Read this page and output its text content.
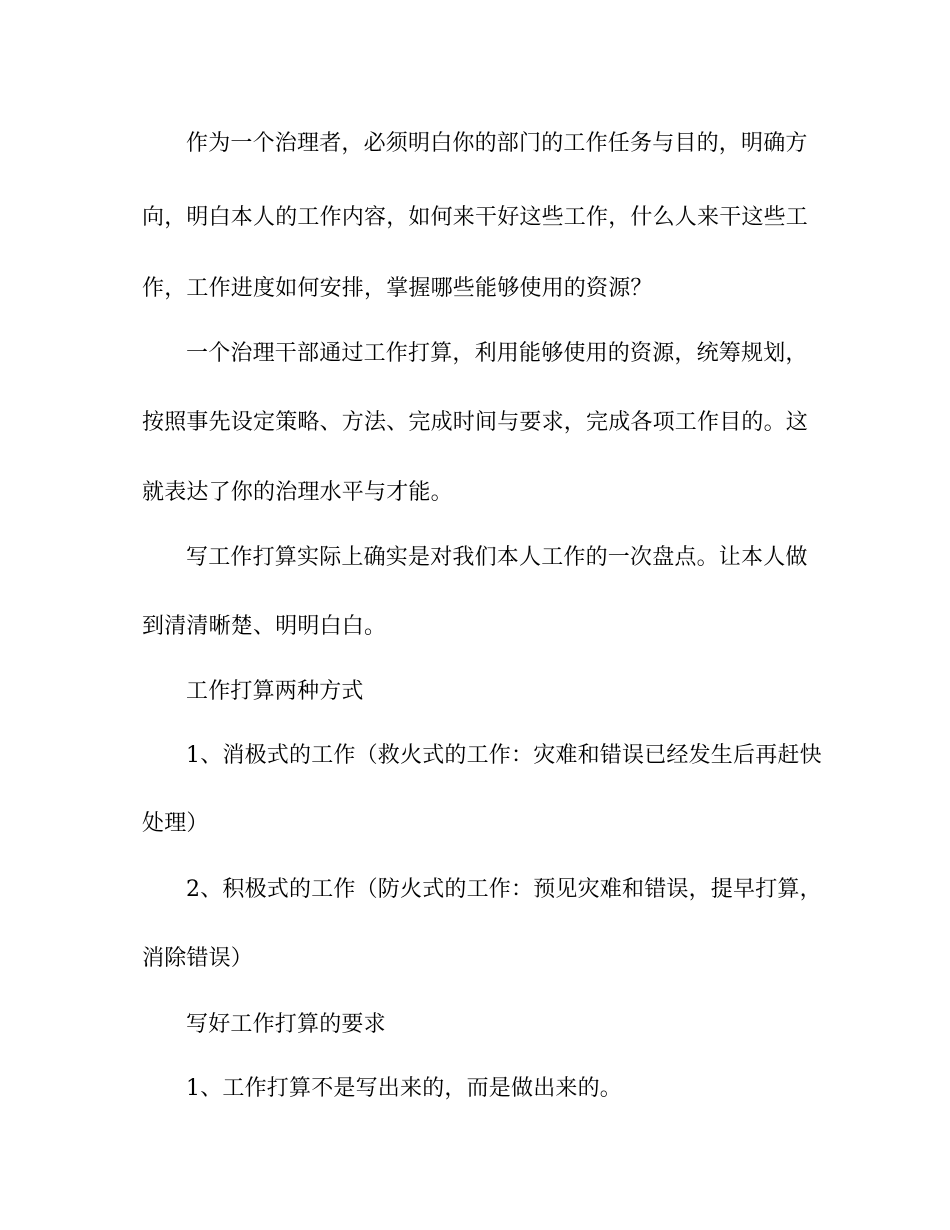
作为一个治理者，必须明白你的部门的工作任务与目的，明确方
向，明白本人的工作内容，如何来干好这些工作，什么人来干这些工
作，工作进度如何安排，掌握哪些能够使用的资源？
一个治理干部通过工作打算，利用能够使用的资源，统筹规划，
按照事先设定策略、方法、完成时间与要求，完成各项工作目的。这
就表达了你的治理水平与才能。
写工作打算实际上确实是对我们本人工作的一次盘点。让本人做
到清清晰楚、明明白白。
工作打算两种方式
1、消极式的工作（救火式的工作：灾难和错误已经发生后再赶快
处理）
2、积极式的工作（防火式的工作：预见灾难和错误，提早打算，
消除错误）
写好工作打算的要求
1、工作打算不是写出来的，而是做出来的。
